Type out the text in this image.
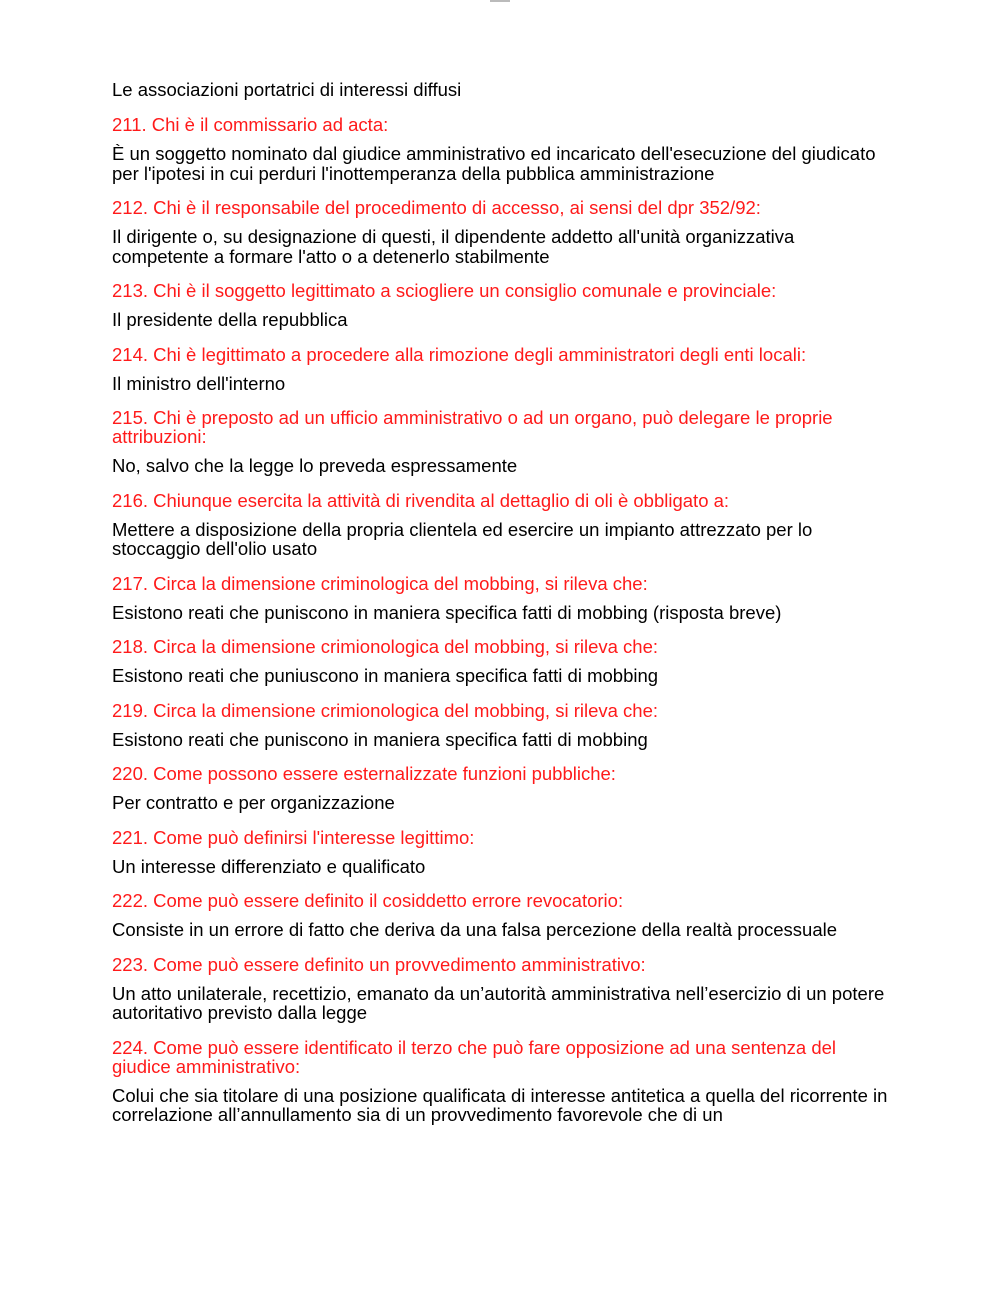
Le associazioni portatrici di interessi diffusi

211. Chi è il commissario ad acta:

È un soggetto nominato dal giudice amministrativo ed incaricato dell'esecuzione del giudicato per l'ipotesi in cui perduri l'inottemperanza della pubblica amministrazione

212. Chi è il responsabile del procedimento di accesso, ai sensi del dpr 352/92:

Il dirigente o, su designazione di questi, il dipendente addetto all'unità organizzativa competente a formare l'atto o a detenerlo stabilmente

213. Chi è il soggetto legittimato a sciogliere un consiglio comunale e provinciale:

Il presidente della repubblica

214. Chi è legittimato a procedere alla rimozione degli amministratori degli enti locali:

Il ministro dell'interno

215. Chi è preposto ad un ufficio amministrativo o ad un organo, può delegare le proprie attribuzioni:

No, salvo che la legge lo preveda espressamente

216. Chiunque esercita la attività di rivendita al dettaglio di oli è obbligato a:

Mettere a disposizione della propria clientela ed esercire un impianto attrezzato per lo stoccaggio dell'olio usato

217. Circa la dimensione criminologica del mobbing, si rileva che:

Esistono reati che puniscono in maniera specifica fatti di mobbing (risposta breve)

218. Circa la dimensione crimionologica del mobbing, si rileva che:

Esistono reati che puniuscono in maniera specifica fatti di mobbing

219. Circa la dimensione crimionologica del mobbing, si rileva che:

Esistono reati che puniscono in maniera specifica fatti di mobbing

220. Come possono essere esternalizzate funzioni pubbliche:

Per contratto e per organizzazione

221. Come può definirsi l'interesse legittimo:

Un interesse differenziato e qualificato

222. Come può essere definito il cosiddetto errore revocatorio:

Consiste in un errore di fatto che deriva da una falsa percezione della realtà processuale

223. Come può essere definito un provvedimento amministrativo:

Un atto unilaterale, recettizio, emanato da un’autorità amministrativa nell’esercizio di un potere autoritativo previsto dalla legge

224. Come può essere identificato il terzo che può fare opposizione ad una sentenza del giudice amministrativo:

Colui che sia titolare di una posizione qualificata di interesse antitetica a quella del ricorrente in correlazione all’annullamento sia di un provvedimento favorevole che di un
